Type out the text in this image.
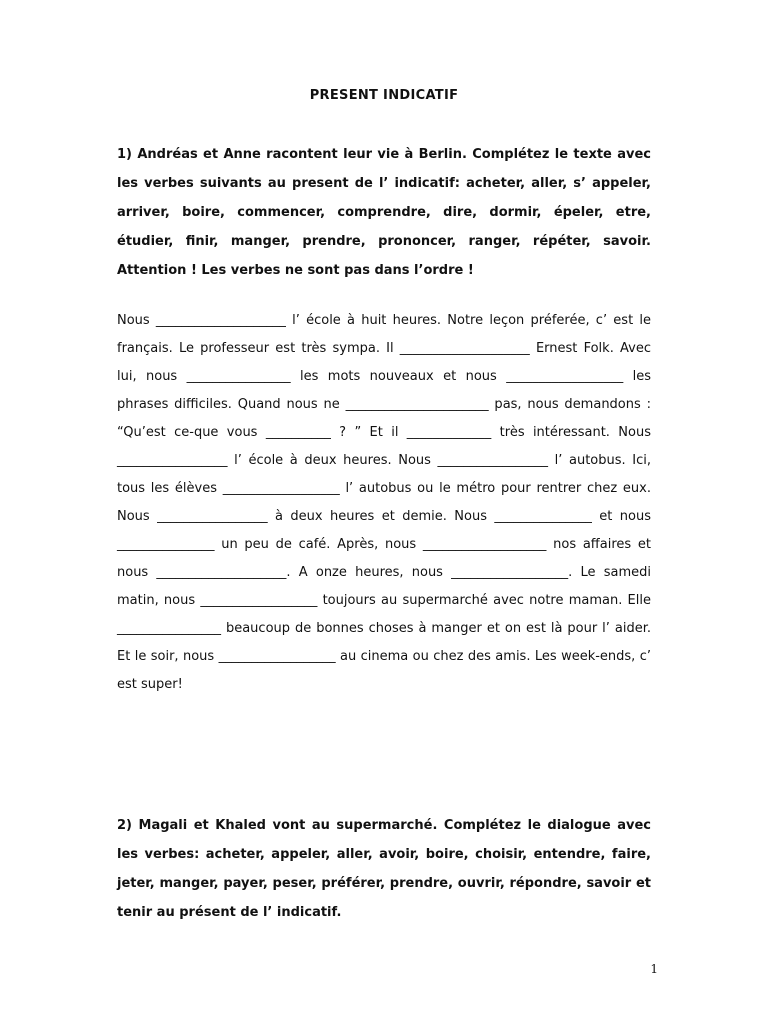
PRESENT INDICATIF
1) Andréas et Anne racontent leur vie à Berlin. Complétez le texte avec les verbes suivants au present de l’ indicatif: acheter, aller, s’ appeler, arriver, boire, commencer, comprendre, dire, dormir, épeler, etre, étudier, finir, manger, prendre, prononcer, ranger, répéter, savoir. Attention ! Les verbes ne sont pas dans l’ordre !
Nous ____________________ l’ école à huit heures. Notre leçon préferée, c’ est le français. Le professeur est très sympa. Il ____________________ Ernest Folk. Avec lui, nous ________________ les mots nouveaux et nous __________________ les phrases difficiles. Quand nous ne ______________________ pas, nous demandons : “Qu’est ce-que vous __________ ? ” Et il _____________ très intéressant. Nous _________________ l’ école à deux heures. Nous _________________ l’ autobus. Ici, tous les élèves __________________ l’ autobus ou le métro pour rentrer chez eux. Nous _________________ à deux heures et demie. Nous _______________ et nous _______________ un peu de café. Après, nous ___________________ nos affaires et nous ____________________. A onze heures, nous __________________. Le samedi matin, nous __________________ toujours au supermarché avec notre maman. Elle ________________ beaucoup de bonnes choses à manger et on est là pour l’ aider. Et le soir, nous __________________ au cinema ou chez des amis. Les week-ends, c’ est super!
2) Magali et Khaled vont au supermarché. Complétez le dialogue avec les verbes: acheter, appeler, aller, avoir, boire, choisir, entendre, faire, jeter, manger, payer, peser, préférer, prendre, ouvrir, répondre, savoir et tenir au présent de l’ indicatif.
1
